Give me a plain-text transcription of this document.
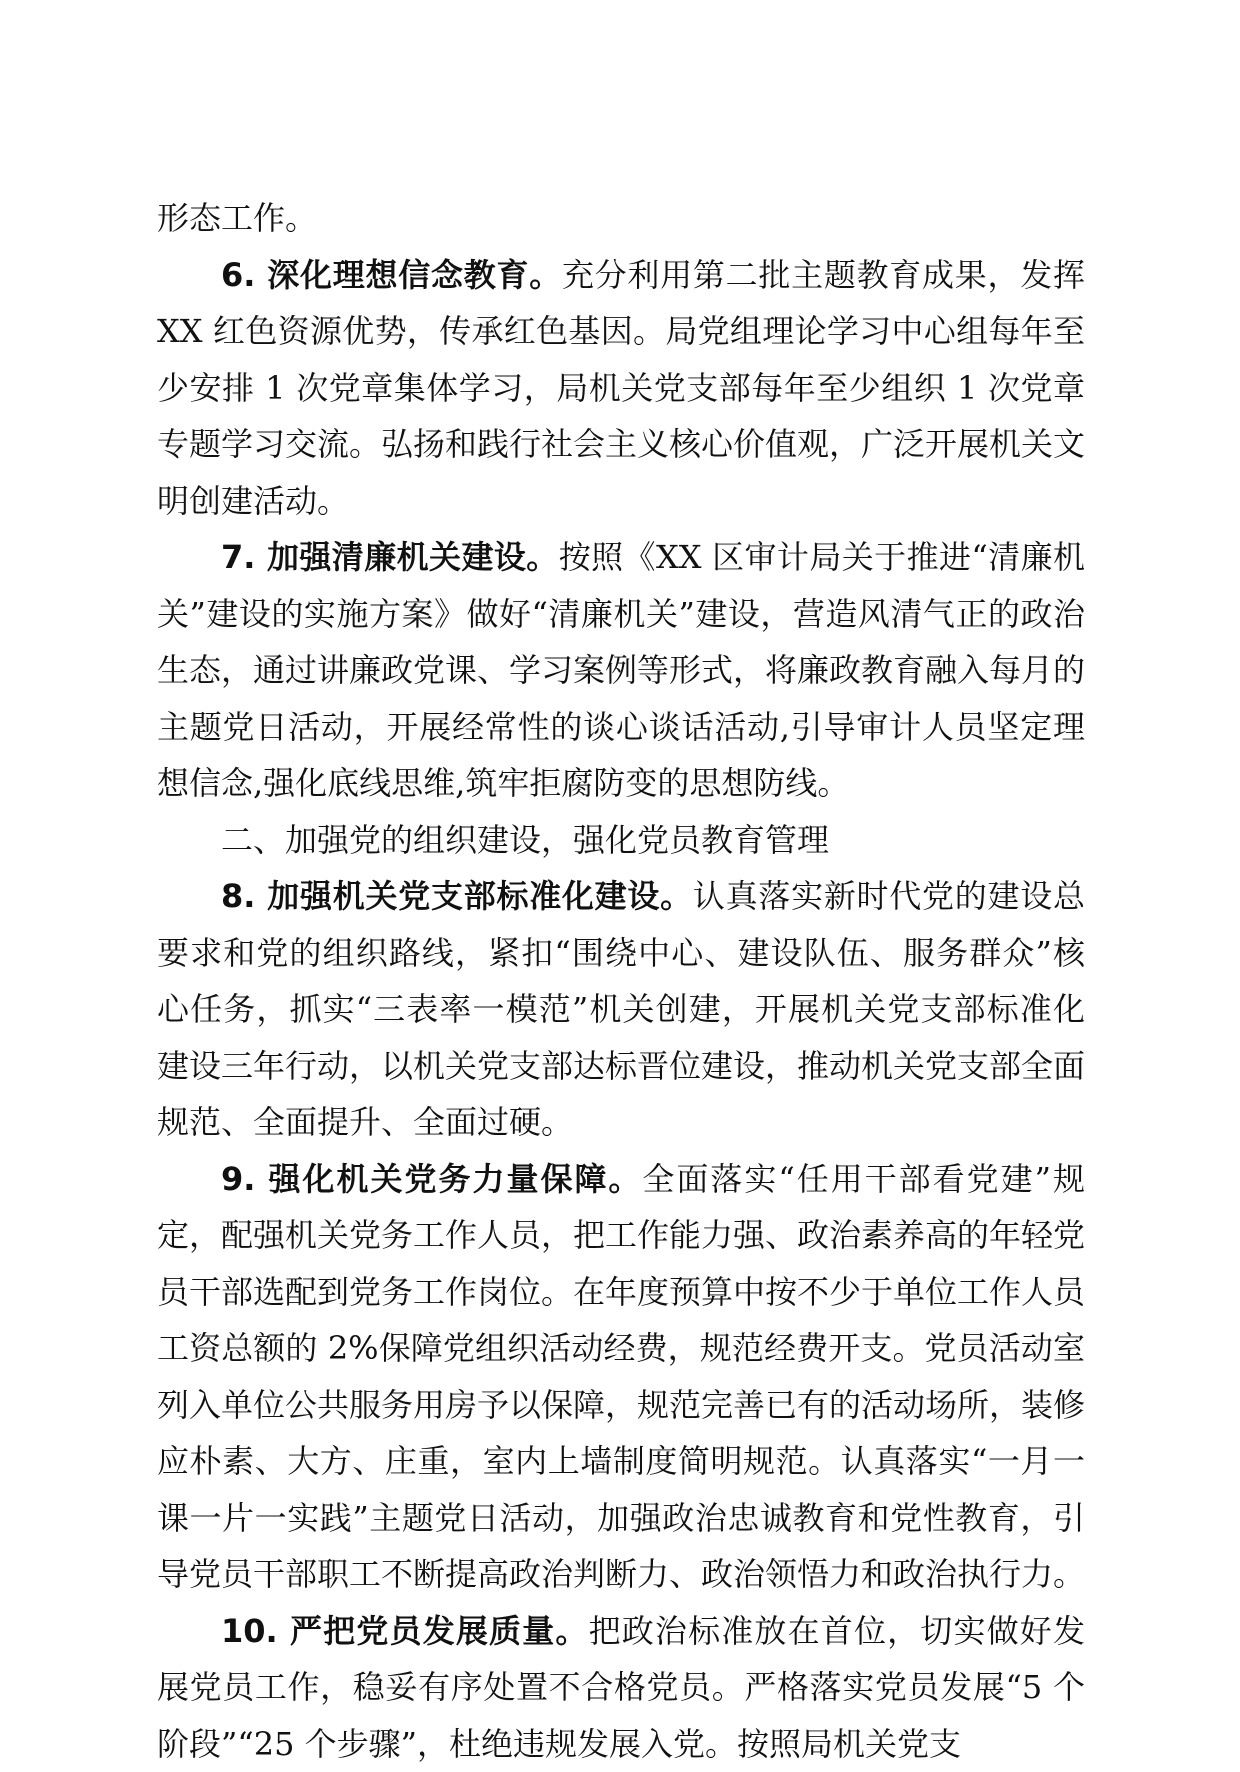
形态工作。

6. 深化理想信念教育。充分利用第二批主题教育成果，发挥 XX 红色资源优势，传承红色基因。局党组理论学习中心组每年至少安排 1 次党章集体学习，局机关党支部每年至少组织 1 次党章专题学习交流。弘扬和践行社会主义核心价值观，广泛开展机关文明创建活动。

7. 加强清廉机关建设。按照《XX 区审计局关于推进“清廉机关”建设的实施方案》做好“清廉机关”建设，营造风清气正的政治生态，通过讲廉政党课、学习案例等形式，将廉政教育融入每月的主题党日活动，开展经常性的谈心谈话活动,引导审计人员坚定理想信念,强化底线思维,筑牢拒腐防变的思想防线。

二、加强党的组织建设，强化党员教育管理

8. 加强机关党支部标准化建设。认真落实新时代党的建设总要求和党的组织路线，紧扣“围绕中心、建设队伍、服务群众”核心任务，抓实“三表率一模范”机关创建，开展机关党支部标准化建设三年行动，以机关党支部达标晋位建设，推动机关党支部全面规范、全面提升、全面过硬。

9. 强化机关党务力量保障。全面落实“任用干部看党建”规定，配强机关党务工作人员，把工作能力强、政治素养高的年轻党员干部选配到党务工作岗位。在年度预算中按不少于单位工作人员工资总额的 2%保障党组织活动经费，规范经费开支。党员活动室列入单位公共服务用房予以保障，规范完善已有的活动场所，装修应朴素、大方、庄重，室内上墙制度简明规范。认真落实“一月一课一片一实践”主题党日活动，加强政治忠诚教育和党性教育，引导党员干部职工不断提高政治判断力、政治领悟力和政治执行力。

10. 严把党员发展质量。把政治标准放在首位，切实做好发展党员工作，稳妥有序处置不合格党员。严格落实党员发展“5 个阶段”“25 个步骤”，杜绝违规发展入党。按照局机关党支
